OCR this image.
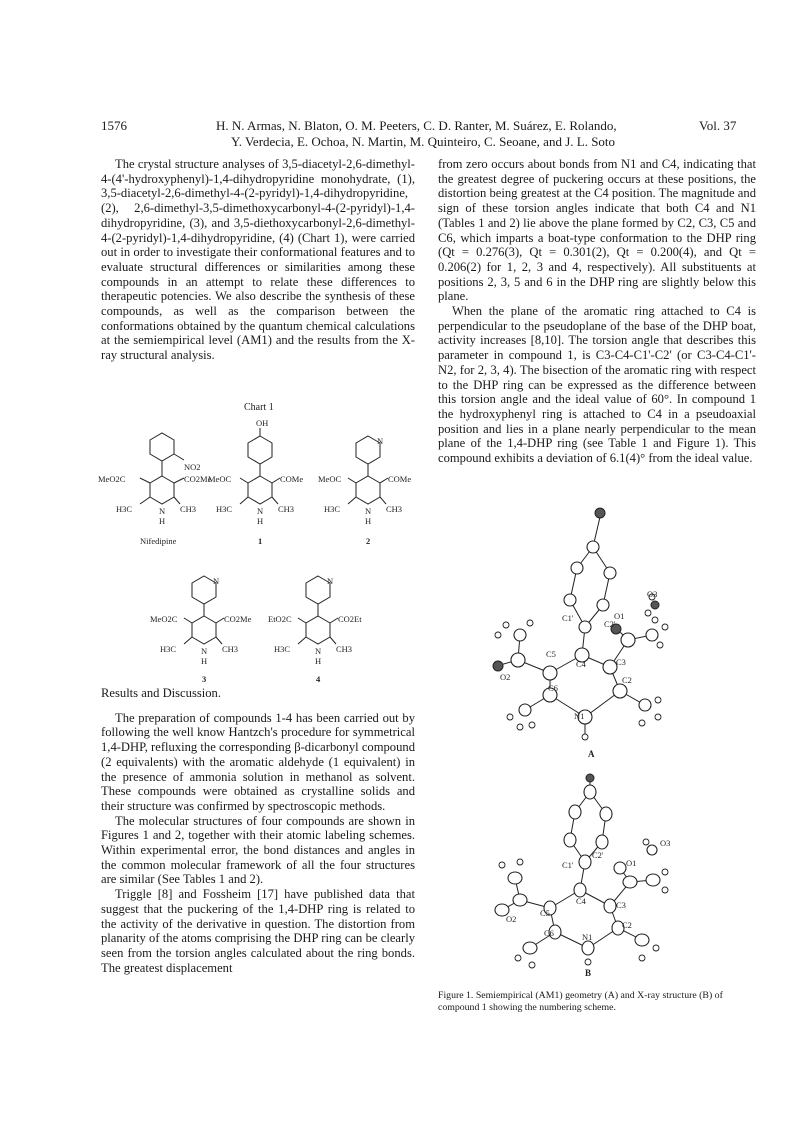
1576	H. N. Armas, N. Blaton, O. M. Peeters, C. D. Ranter, M. Suárez, E. Rolando,
Y. Verdecia, E. Ochoa, N. Martin, M. Quinteiro, C. Seoane, and J. L. Soto
Vol. 37

The crystal structure analyses of 3,5-diacetyl-2,6-dimethyl-4-(4'-hydroxyphenyl)-1,4-dihydropyridine monohydrate, (1), 3,5-diacetyl-2,6-dimethyl-4-(2-pyridyl)-1,4-dihydropyridine, (2), 2,6-dimethyl-3,5-dimethoxycarbonyl-4-(2-pyridyl)-1,4-dihydropyridine, (3), and 3,5-diethoxycarbonyl-2,6-dimethyl-4-(2-pyridyl)-1,4-dihydropyridine, (4) (Chart 1), were carried out in order to investigate their conformational features and to evaluate structural differences or similarities among these compounds in an attempt to relate these differences to therapeutic potencies. We also describe the synthesis of these compounds, as well as the comparison between the conformations obtained by the quantum chemical calculations at the semiempirical level (AM1) and the results from the X-ray structural analysis.

Chart 1
NO2
MeO2C	CO2Me
H3C	CH3
N
H
Nifedipine
OH
MeOC	COMe
H3C	CH3
N
H
1
N
MeOC	COMe
H3C	CH3
N
H
2
N
MeO2C	CO2Me
H3C	CH3
N
H
3
N
EtO2C	CO2Et
H3C	CH3
N
H
4

Results and Discussion.

The preparation of compounds 1-4 has been carried out by following the well know Hantzch's procedure for symmetrical 1,4-DHP, refluxing the corresponding β-dicarbonyl compound (2 equivalents) with the aromatic aldehyde (1 equivalent) in the presence of ammonia solution in methanol as solvent. These compounds were obtained as crystalline solids and their structure was confirmed by spectroscopic methods.

The molecular structures of four compounds are shown in Figures 1 and 2, together with their atomic labeling schemes. Within experimental error, the bond distances and angles in the common molecular framework of all the four structures are similar (See Tables 1 and 2).

Triggle [8] and Fossheim [17] have published data that suggest that the puckering of the 1,4-DHP ring is related to the activity of the derivative in question. The distortion from planarity of the atoms comprising the DHP ring can be clearly seen from the torsion angles calculated about the ring bonds. The greatest displacement

from zero occurs about bonds from N1 and C4, indicating that the greatest degree of puckering occurs at these positions, the distortion being greatest at the C4 position. The magnitude and sign of these torsion angles indicate that both C4 and N1 (Tables 1 and 2) lie above the plane formed by C2, C3, C5 and C6, which imparts a boat-type conformation to the DHP ring (Qt = 0.276(3), Qt = 0.301(2), Qt = 0.200(4), and Qt = 0.206(2) for 1, 2, 3 and 4, respectively). All substituents at positions 2, 3, 5 and 6 in the DHP ring are slightly below this plane.

When the plane of the aromatic ring attached to C4 is perpendicular to the pseudoplane of the base of the DHP boat, activity increases [8,10]. The torsion angle that describes this parameter in compound 1, is C3-C4-C1'-C2' (or C3-C4-C1'-N2, for 2, 3, 4). The bisection of the aromatic ring with respect to the DHP ring can be expressed as the difference between this torsion angle and the ideal value of 60°. In compound 1 the hydroxyphenyl ring is attached to C4 in a pseudoaxial position and lies in a plane nearly perpendicular to the mean plane of the 1,4-DHP ring (see Table 1 and Figure 1). This compound exhibits a deviation of 6.1(4)° from the ideal value.

O3
C1'
C2'
O1
C5
C4	C3
O2	C2
C6
N1
A
O3
C1'
C2'
O1
C5
C4	C3
O2
C2
C6	N1
B
Figure 1. Semiempirical (AM1) geometry (A) and X-ray structure (B) of compound 1 showing the numbering scheme.
